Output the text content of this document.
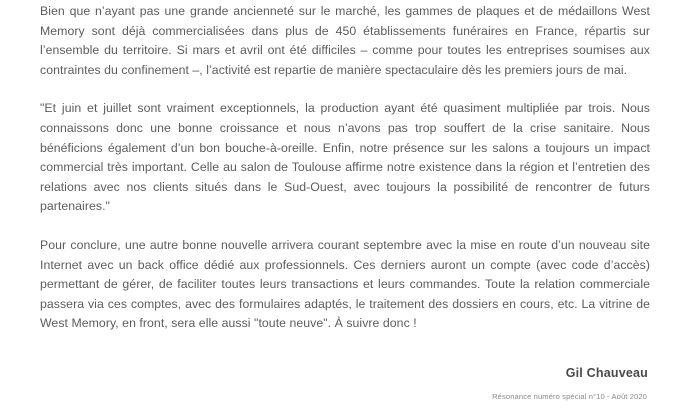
Bien que n’ayant pas une grande ancienneté sur le marché, les gammes de plaques et de médaillons West Memory sont déjà commercialisées dans plus de 450 établissements funéraires en France, répartis sur l’ensemble du territoire. Si mars et avril ont été difficiles – comme pour toutes les entreprises soumises aux contraintes du confinement –, l’activité est repartie de manière spectaculaire dès les premiers jours de mai.

"Et juin et juillet sont vraiment exceptionnels, la production ayant été quasiment multipliée par trois. Nous connaissons donc une bonne croissance et nous n’avons pas trop souffert de la crise sanitaire. Nous bénéficions également d’un bon bouche-à-oreille. Enfin, notre présence sur les salons a toujours un impact commercial très important. Celle au salon de Toulouse affirme notre existence dans la région et l’entretien des relations avec nos clients situés dans le Sud-Ouest, avec toujours la possibilité de rencontrer de futurs partenaires."

Pour conclure, une autre bonne nouvelle arrivera courant septembre avec la mise en route d’un nouveau site Internet avec un back office dédié aux professionnels. Ces derniers auront un compte (avec code d’accès) permettant de gérer, de faciliter toutes leurs transactions et leurs commandes. Toute la relation commerciale passera via ces comptes, avec des formulaires adaptés, le traitement des dossiers en cours, etc. La vitrine de West Memory, en front, sera elle aussi "toute neuve". À suivre donc !

Gil Chauveau
Résonance numéro spécial n°10 - Août 2020
